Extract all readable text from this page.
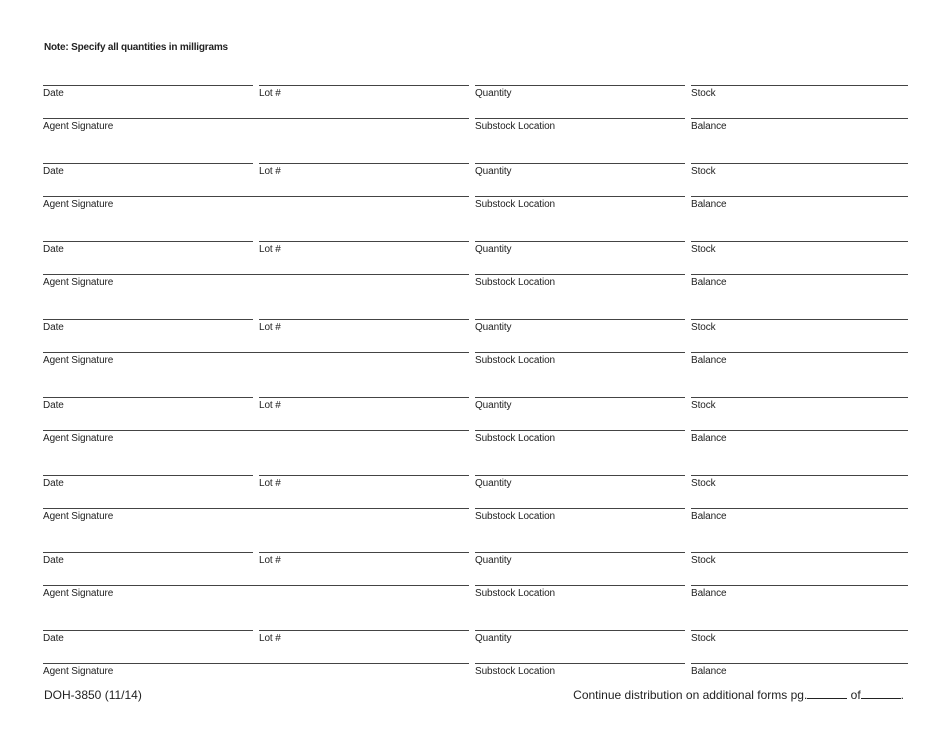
Note: Specify all quantities in milligrams
Date	Lot #	Quantity	Stock
Agent Signature	Substock Location	Balance
Date	Lot #	Quantity	Stock
Agent Signature	Substock Location	Balance
Date	Lot #	Quantity	Stock
Agent Signature	Substock Location	Balance
Date	Lot #	Quantity	Stock
Agent Signature	Substock Location	Balance
Date	Lot #	Quantity	Stock
Agent Signature	Substock Location	Balance
Date	Lot #	Quantity	Stock
Agent Signature	Substock Location	Balance
Date	Lot #	Quantity	Stock
Agent Signature	Substock Location	Balance
Date	Lot #	Quantity	Stock
Agent Signature	Substock Location	Balance
DOH-3850 (11/14)	Continue distribution on additional forms pg.	of	.
